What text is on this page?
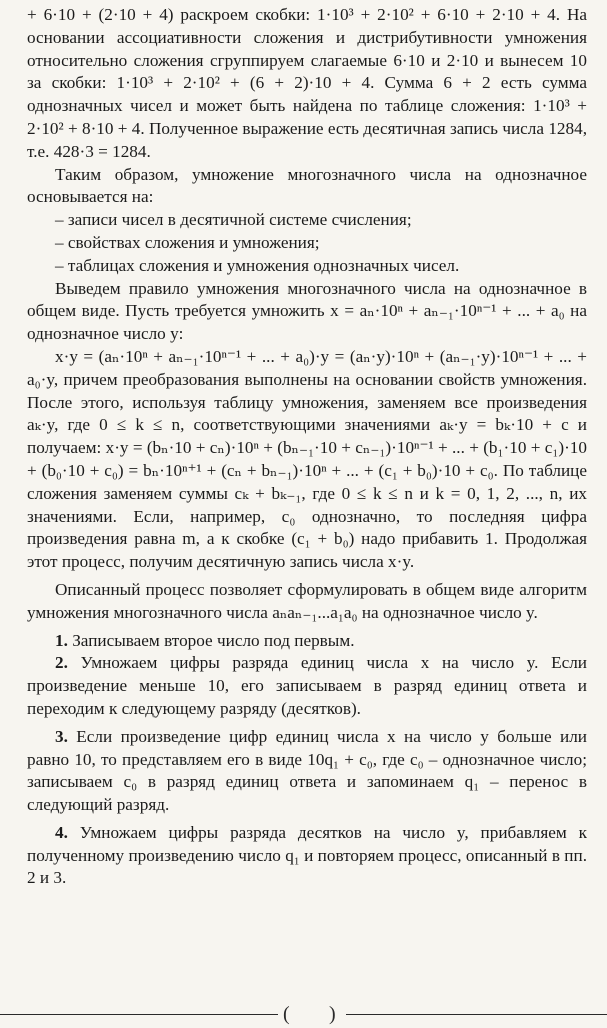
+ 6·10 + (2·10 + 4) раскроем скобки: 1·10³ + 2·10² + 6·10 + 2·10 + 4. На основании ассоциативности сложения и дистрибутивности умножения относительно сложения сгруппируем слагаемые 6·10 и 2·10 и вынесем 10 за скобки: 1·10³ + 2·10² + (6 + 2)·10 + 4. Сумма 6 + 2 есть сумма однозначных чисел и может быть найдена по таблице сложения: 1·10³ + 2·10² + 8·10 + 4. Полученное выражение есть десятичная запись числа 1284, т.е. 428·3 = 1284.

Таким образом, умножение многозначного числа на однозначное основывается на:

– записи чисел в десятичной системе счисления;

– свойствах сложения и умножения;

– таблицах сложения и умножения однозначных чисел.

Выведем правило умножения многозначного числа на однозначное в общем виде. Пусть требуется умножить x = aₙ·10ⁿ + aₙ₋₁·10ⁿ⁻¹ + ... + a₀ на однозначное число y:

x·y = (aₙ·10ⁿ + aₙ₋₁·10ⁿ⁻¹ + ... + a₀)·y = (aₙ·y)·10ⁿ + (aₙ₋₁·y)·10ⁿ⁻¹ + ... + a₀·y, причем преобразования выполнены на основании свойств умножения. После этого, используя таблицу умножения, заменяем все произведения aₖ·y, где 0 ≤ k ≤ n, соответствующими значениями aₖ·y = bₖ·10 + c и получаем: x·y = (bₙ·10 + cₙ)·10ⁿ + (bₙ₋₁·10 + cₙ₋₁)·10ⁿ⁻¹ + ... + (b₁·10 + c₁)·10 + (b₀·10 + c₀) = bₙ·10ⁿ⁺¹ + (cₙ + bₙ₋₁)·10ⁿ + ... + (c₁ + b₀)·10 + c₀. По таблице сложения заменяем суммы cₖ + bₖ₋₁, где 0 ≤ k ≤ n и k = 0, 1, 2, ..., n, их значениями. Если, например, c₀ однозначно, то последняя цифра произведения равна m, а к скобке (c₁ + b₀) надо прибавить 1. Продолжая этот процесс, получим десятичную запись числа x·y.

Описанный процесс позволяет сформулировать в общем виде алгоритм умножения многозначного числа aₙaₙ₋₁...a₁a₀ на однозначное число y.

1. Записываем второе число под первым.

2. Умножаем цифры разряда единиц числа x на число y. Если произведение меньше 10, его записываем в разряд единиц ответа и переходим к следующему разряду (десятков).

3. Если произведение цифр единиц числа x на число y больше или равно 10, то представляем его в виде 10q₁ + c₀, где c₀ – однозначное число; записываем c₀ в разряд единиц ответа и запоминаем q₁ – перенос в следующий разряд.

4. Умножаем цифры разряда десятков на число y, прибавляем к полученному произведению число q₁ и повторяем процесс, описанный в пп. 2 и 3.

( )
